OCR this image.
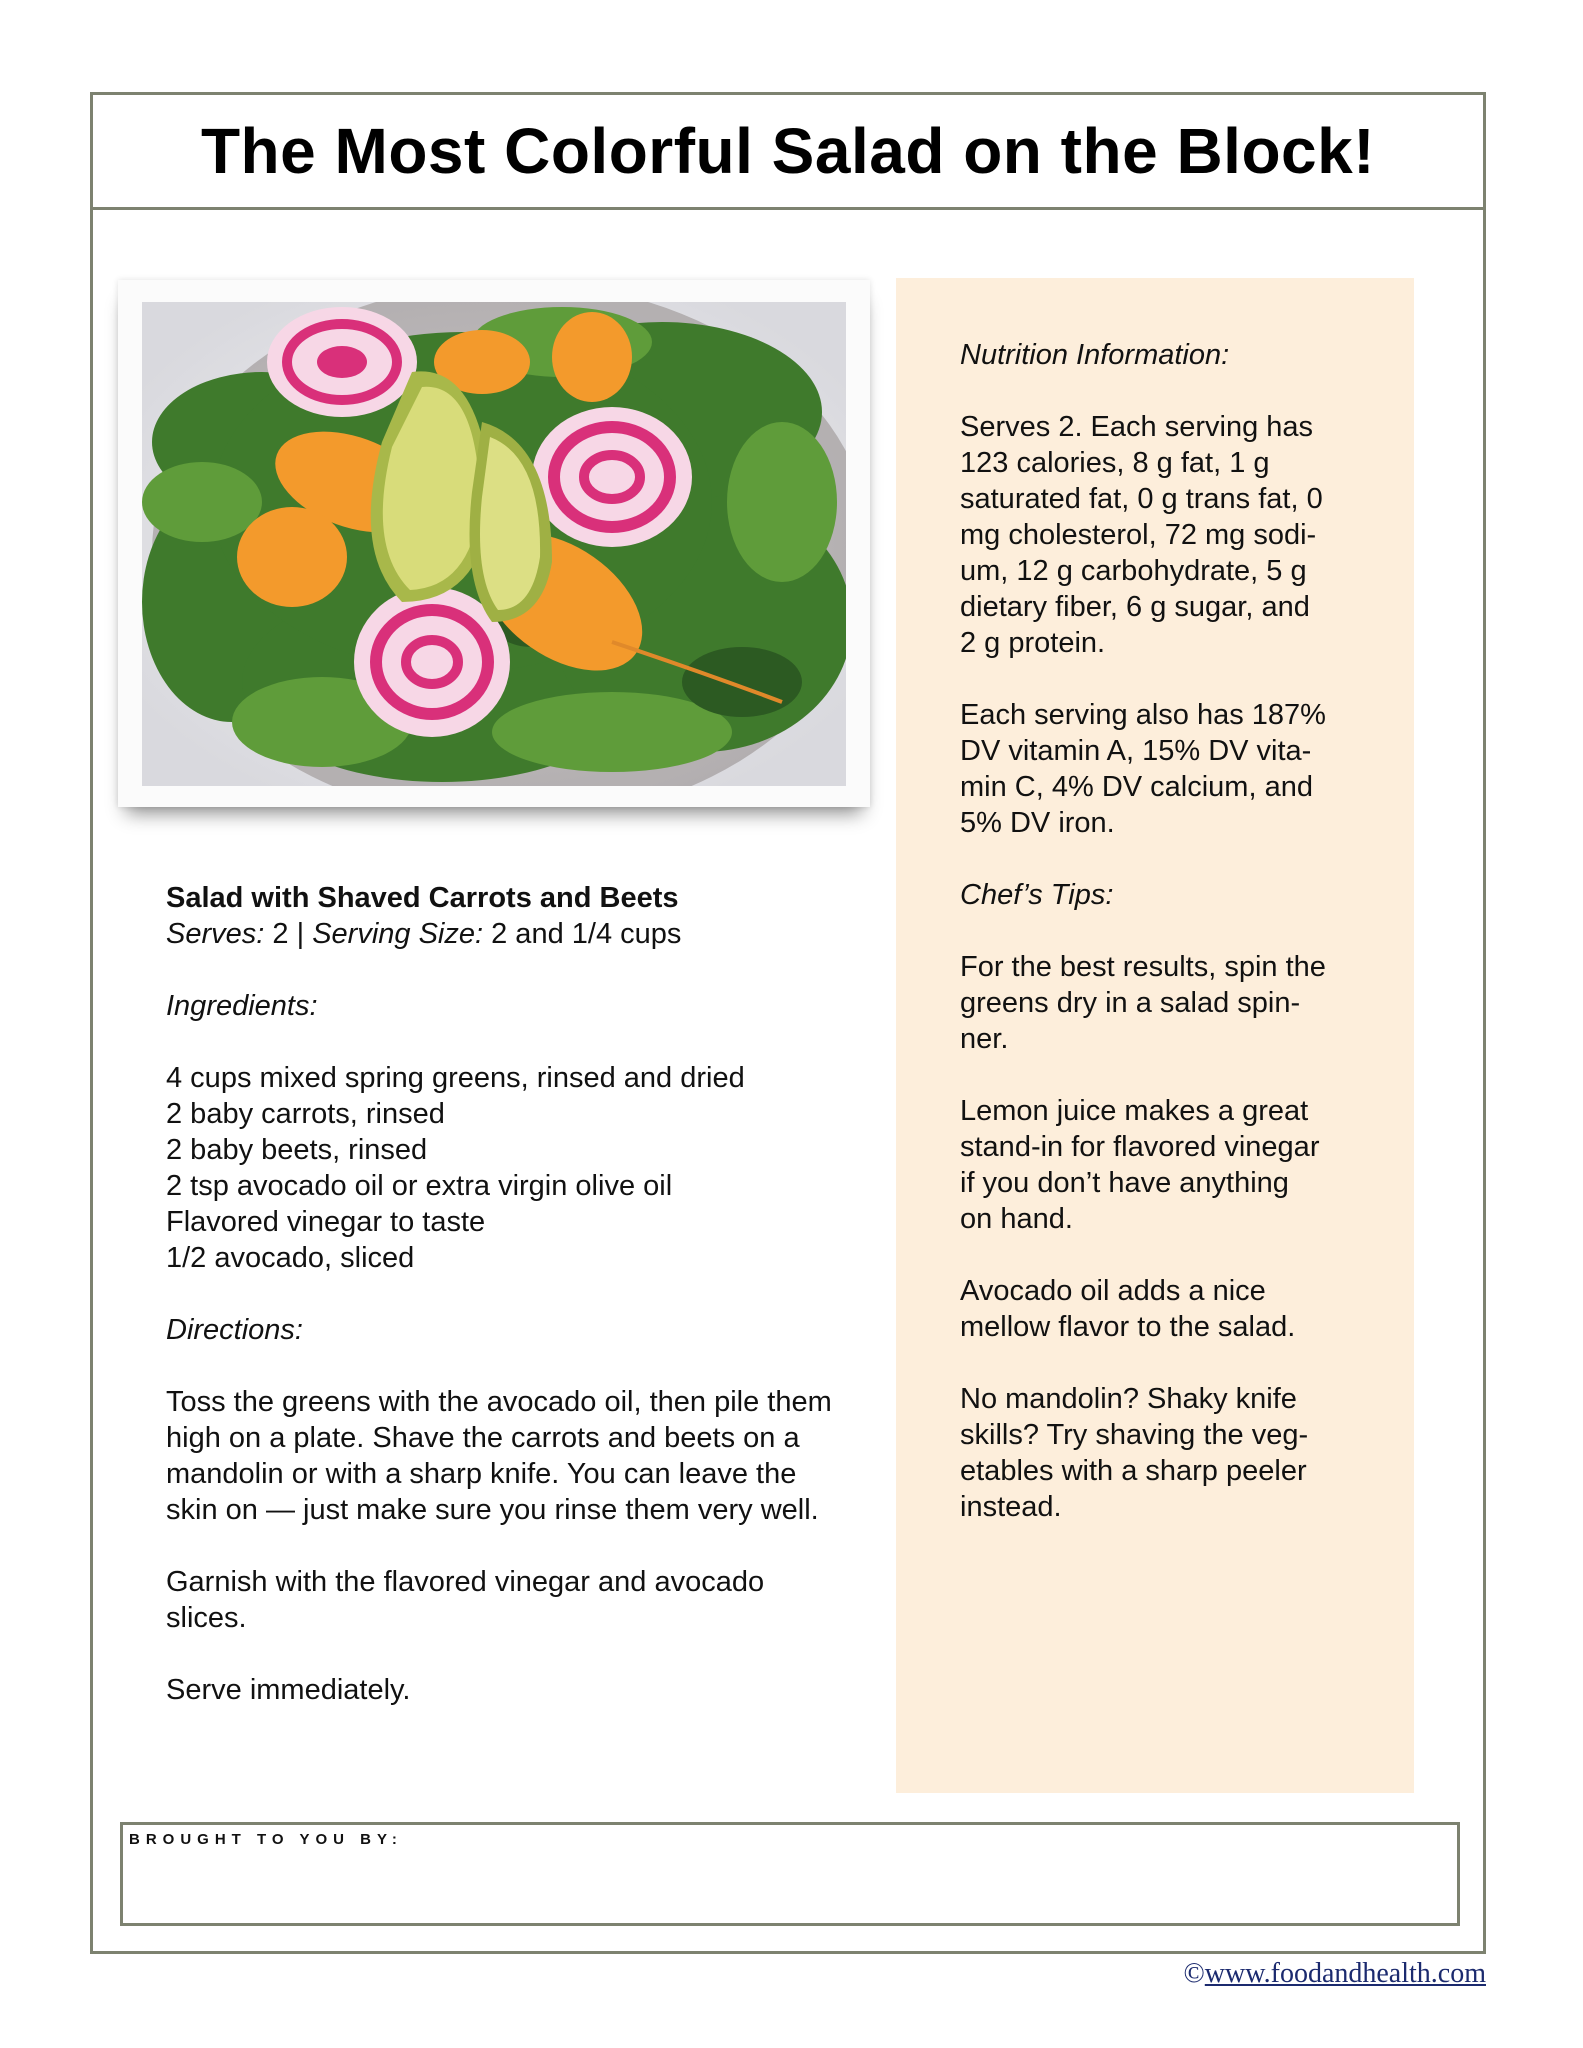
The Most Colorful Salad on the Block!

Salad with Shaved Carrots and Beets

Serves: 2 | Serving Size: 2 and 1/4 cups

Ingredients:

4 cups mixed spring greens, rinsed and dried

2 baby carrots, rinsed

2 baby beets, rinsed

2 tsp avocado oil or extra virgin olive oil

Flavored vinegar to taste

1/2 avocado, sliced

Directions:

Toss the greens with the avocado oil, then pile them

high on a plate. Shave the carrots and beets on a

mandolin or with a sharp knife. You can leave the

skin on — just make sure you rinse them very well.

Garnish with the flavored vinegar and avocado

slices.

Serve immediately.

Nutrition Information:

Serves 2. Each serving has

123 calories, 8 g fat, 1 g

saturated fat, 0 g trans fat, 0

mg cholesterol, 72 mg sodi-

um, 12 g carbohydrate, 5 g

dietary fiber, 6 g sugar, and

2 g protein.

Each serving also has 187%

DV vitamin A, 15% DV vita-

min C, 4% DV calcium, and

5% DV iron.

Chef’s Tips:

For the best results, spin the

greens dry in a salad spin-

ner.

Lemon juice makes a great

stand-in for flavored vinegar

if you don’t have anything

on hand.

Avocado oil adds a nice

mellow flavor to the salad.

No mandolin? Shaky knife

skills? Try shaving the veg-

etables with a sharp peeler

instead.

BROUGHT TO YOU BY:
©www.foodandhealth.com
